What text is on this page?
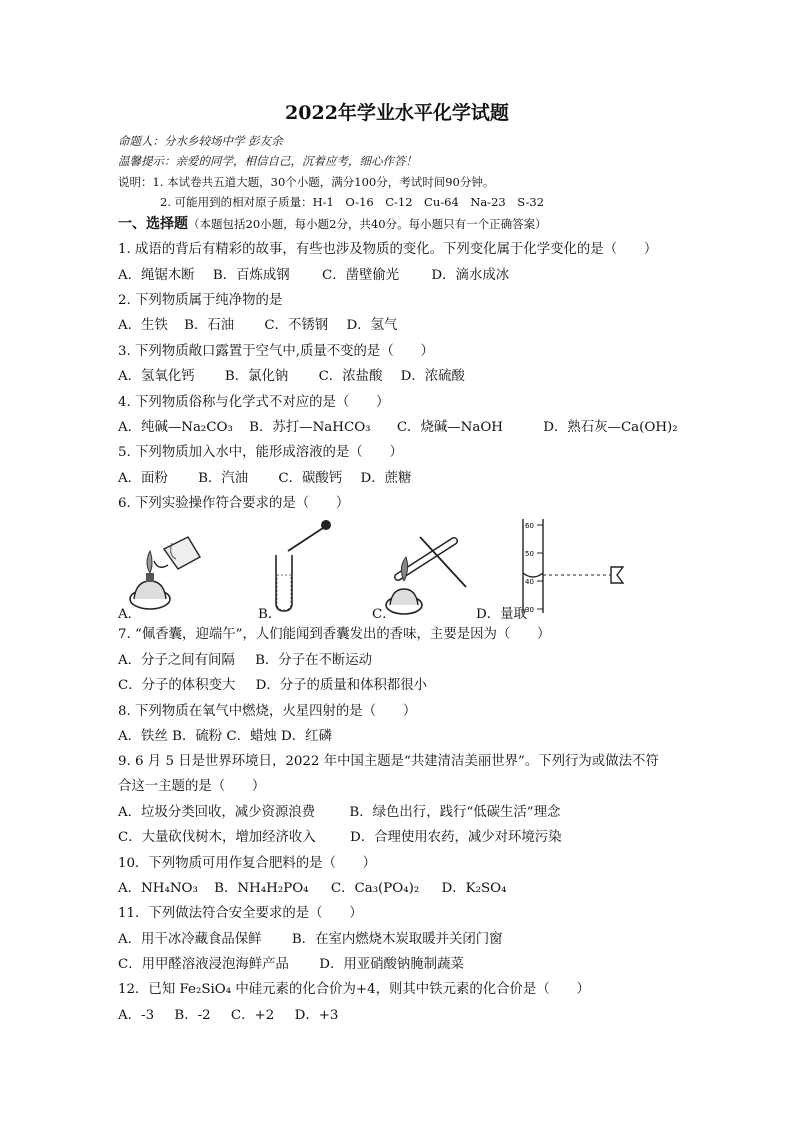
2022年学业水平化学试题
命题人：分水乡较场中学 彭友余
温馨提示：亲爱的同学，相信自己，沉着应考，细心作答！
说明：1. 本试卷共五道大题，30个小题，满分100分，考试时间90分钟。
2. 可能用到的相对原子质量：H-1　O-16　C-12　Cu-64　Na-23　S-32
一、选择题（本题包括20小题，每小题2分，共40分。每小题只有一个正确答案）
1. 成语的背后有精彩的故事，有些也涉及物质的变化。下列变化属于化学变化的是（　　）
A．绳锯木断 B．百炼成钢 C．凿壁偷光 D．滴水成冰
2. 下列物质属于纯净物的是
A．生铁 B．石油 C．不锈钢 D．氢气
3. 下列物质敞口露置于空气中,质量不变的是（　　）
A．氢氧化钙 B．氯化钠 C．浓盐酸 D．浓硫酸
4. 下列物质俗称与化学式不对应的是（　　）
A．纯碱—Na₂CO₃ B．苏打—NaHCO₃ C．烧碱—NaOH	D．熟石灰—Ca(OH)₂
5. 下列物质加入水中，能形成溶液的是（　　）
A．面粉 B．汽油 C．碳酸钙 D．蔗糖
6. 下列实验操作符合要求的是（　　）
60
50
40
30
A．	B．	C．	D．量取
7. “佩香囊，迎端午”，人们能闻到香囊发出的香味，主要是因为（　　）
A．分子之间有间隔 B．分子在不断运动
C．分子的体积变大 D．分子的质量和体积都很小
8. 下列物质在氧气中燃烧，火星四射的是（　　）
A．铁丝 B．硫粉 C．蜡烛 D．红磷
9. 6 月 5 日是世界环境日，2022 年中国主题是“共建清洁美丽世界”。下列行为或做法不符
合这一主题的是（　　）
A．垃圾分类回收，减少资源浪费	B．绿色出行，践行“低碳生活”理念
C．大量砍伐树木，增加经济收入	D．合理使用农药，减少对环境污染
10．下列物质可用作复合肥料的是（　　）
A．NH₄NO₃ B．NH₄H₂PO₄ C．Ca₃(PO₄)₂ D．K₂SO₄
11．下列做法符合安全要求的是（　　）
A．用干冰冷藏食品保鲜 B．在室内燃烧木炭取暖并关闭门窗
C．用甲醛溶液浸泡海鲜产品 D．用亚硝酸钠腌制蔬菜
12．已知 Fe₂SiO₄ 中硅元素的化合价为+4，则其中铁元素的化合价是（　　）
A．-3 B．-2 C．+2 D．+3
